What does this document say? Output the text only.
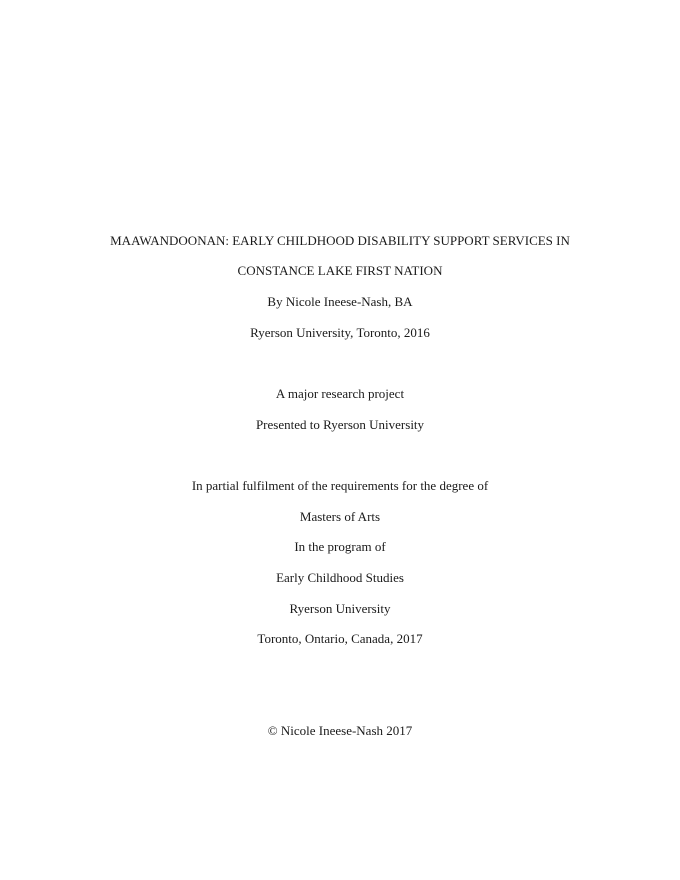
MAAWANDOONAN: EARLY CHILDHOOD DISABILITY SUPPORT SERVICES IN
CONSTANCE LAKE FIRST NATION
By Nicole Ineese-Nash, BA
Ryerson University, Toronto, 2016
A major research project
Presented to Ryerson University
In partial fulfilment of the requirements for the degree of
Masters of Arts
In the program of
Early Childhood Studies
Ryerson University
Toronto, Ontario, Canada, 2017
© Nicole Ineese-Nash 2017
